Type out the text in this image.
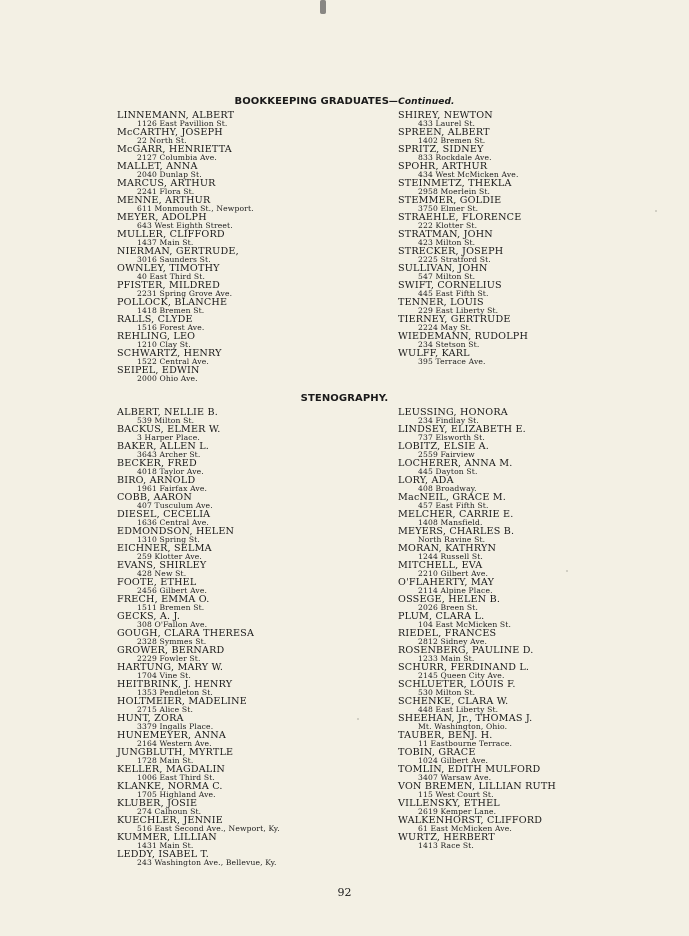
BOOKKEEPING GRADUATES—Continued.
LINNEMANN, ALBERT
1126 East Pavillion St.
McCARTHY, JOSEPH
22 North St.
McGARR, HENRIETTA
2127 Columbia Ave.
MALLET, ANNA
2040 Dunlap St.
MARCUS, ARTHUR
2241 Flora St.
MENNE, ARTHUR
611 Monmouth St., Newport.
MEYER, ADOLPH
643 West Eighth Street.
MULLER, CLIFFORD
1437 Main St.
NIERMAN, GERTRUDE,
3016 Saunders St.
OWNLEY, TIMOTHY
40 East Third St.
PFISTER, MILDRED
2231 Spring Grove Ave.
POLLOCK, BLANCHE
1418 Bremen St.
RALLS, CLYDE
1516 Forest Ave.
REHLING, LEO
1210 Clay St.
SCHWARTZ, HENRY
1522 Central Ave.
SEIPEL, EDWIN
2000 Ohio Ave.
SHIREY, NEWTON
433 Laurel St.
SPREEN, ALBERT
1402 Bremen St.
SPRITZ, SIDNEY
833 Rockdale Ave.
SPOHR, ARTHUR
434 West McMicken Ave.
STEINMETZ, THEKLA
2958 Moerlein St.
STEMMER, GOLDIE
3750 Elmer St.
STRAEHLE, FLORENCE
222 Klotter St.
STRATMAN, JOHN
423 Milton St.
STRECKER, JOSEPH
2225 Stratford St.
SULLIVAN, JOHN
547 Milton St.
SWIFT, CORNELIUS
445 East Fifth St.
TENNER, LOUIS
229 East Liberty St.
TIERNEY, GERTRUDE
2224 May St.
WIEDEMANN, RUDOLPH
234 Stetson St.
WULFF, KARL
395 Terrace Ave.
STENOGRAPHY.
ALBERT, NELLIE B.
539 Milton St.
BACKUS, ELMER W.
3 Harper Place.
BAKER, ALLEN L.
3643 Archer St.
BECKER, FRED
4018 Taylor Ave.
BIRO, ARNOLD
1961 Fairfax Ave.
COBB, AARON
407 Tusculum Ave.
DIESEL, CECELIA
1636 Central Ave.
EDMONDSON, HELEN
1310 Spring St.
EICHNER, SELMA
259 Klotter Ave.
EVANS, SHIRLEY
428 New St.
FOOTE, ETHEL
2456 Gilbert Ave.
FRECH, EMMA O.
1511 Bremen St.
GECKS, A. J.
308 O'Fallon Ave.
GOUGH, CLARA THERESA
2328 Symmes St.
GROWER, BERNARD
2229 Fowler St.
HARTUNG, MARY W.
1704 Vine St.
HEITBRINK, J. HENRY
1353 Pendleton St.
HOLTMEIER, MADELINE
2715 Alice St.
HUNT, ZORA
3379 Ingalls Place.
HUNEMEYER, ANNA
2164 Western Ave.
JUNGBLUTH, MYRTLE
1728 Main St.
KELLER, MAGDALIN
1006 East Third St.
KLANKE, NORMA C.
1705 Highland Ave.
KLUBER, JOSIE
274 Calhoun St.
KUECHLER, JENNIE
516 East Second Ave., Newport, Ky.
KUMMER, LILLIAN
1431 Main St.
LEDDY, ISABEL T.
243 Washington Ave., Bellevue, Ky.
LEUSSING, HONORA
234 Findlay St.
LINDSEY, ELIZABETH E.
737 Elsworth St.
LOBITZ, ELSIE A.
2559 Fairview
LOCHERER, ANNA M.
445 Dayton St.
LORY, ADA
408 Broadway.
MacNEIL, GRACE M.
457 East Fifth St.
MELCHER, CARRIE E.
1408 Mansfield.
MEYERS, CHARLES B.
North Ravine St.
MORAN, KATHRYN
1244 Russell St.
MITCHELL, EVA
2210 Gilbert Ave.
O'FLAHERTY, MAY
2114 Alpine Place.
OSSEGE, HELEN B.
2026 Breen St.
PLUM, CLARA L.
104 East McMicken St.
RIEDEL, FRANCES
2812 Sidney Ave.
ROSENBERG, PAULINE D.
1233 Main St.
SCHURR, FERDINAND L.
2145 Queen City Ave.
SCHLUETER, LOUIS F.
530 Milton St.
SCHENKE, CLARA W.
448 East Liberty St.
SHEEHAN, Jr., THOMAS J.
Mt. Washington, Ohio.
TAUBER, BENJ. H.
11 Eastbourne Terrace.
TOBIN, GRACE
1024 Gilbert Ave.
TOMLIN, EDITH MULFORD
3407 Warsaw Ave.
VON BREMEN, LILLIAN RUTH
115 West Court St.
VILLENSKY, ETHEL
2619 Kemper Lane.
WALKENHORST, CLIFFORD
61 East McMicken Ave.
WURTZ, HERBERT
1413 Race St.
92
